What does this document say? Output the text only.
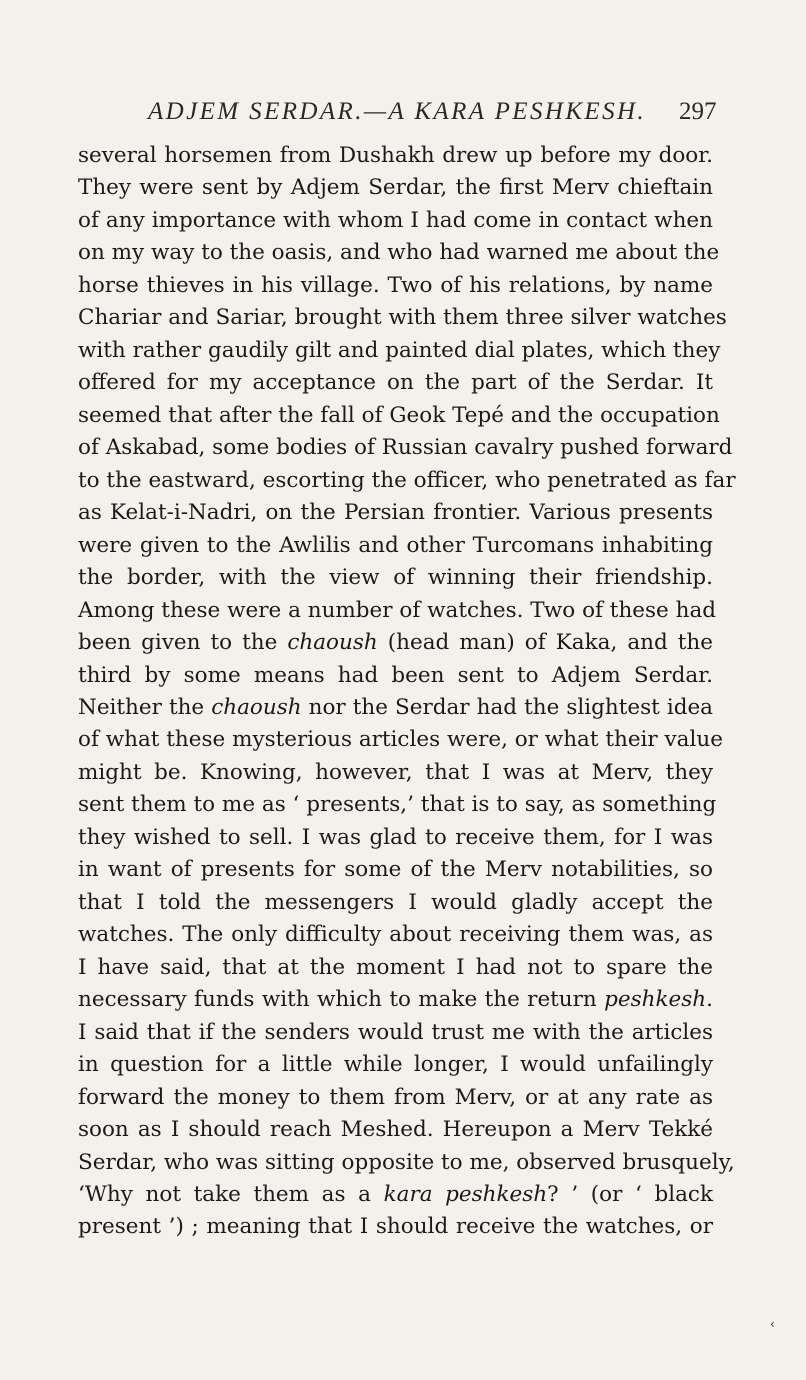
ADJEM SERDAR.—A KARA PESHKESH. 297
several horsemen from Dushakh drew up before my door.
They were sent by Adjem Serdar, the first Merv chieftain
of any importance with whom I had come in contact when
on my way to the oasis, and who had warned me about the
horse thieves in his village. Two of his relations, by name
Chariar and Sariar, brought with them three silver watches
with rather gaudily gilt and painted dial plates, which they
offered for my acceptance on the part of the Serdar. It
seemed that after the fall of Geok Tepé and the occupation
of Askabad, some bodies of Russian cavalry pushed forward
to the eastward, escorting the officer, who penetrated as far
as Kelat-i-Nadri, on the Persian frontier. Various presents
were given to the Awlilis and other Turcomans inhabiting
the border, with the view of winning their friendship.
Among these were a number of watches. Two of these had
been given to the chaoush (head man) of Kaka, and the
third by some means had been sent to Adjem Serdar.
Neither the chaoush nor the Serdar had the slightest idea
of what these mysterious articles were, or what their value
might be. Knowing, however, that I was at Merv, they
sent them to me as ‘ presents,’ that is to say, as something
they wished to sell. I was glad to receive them, for I was
in want of presents for some of the Merv notabilities, so
that I told the messengers I would gladly accept the
watches. The only difficulty about receiving them was, as
I have said, that at the moment I had not to spare the
necessary funds with which to make the return peshkesh.
I said that if the senders would trust me with the articles
in question for a little while longer, I would unfailingly
forward the money to them from Merv, or at any rate as
soon as I should reach Meshed. Hereupon a Merv Tekké
Serdar, who was sitting opposite to me, observed brusquely,
‘Why not take them as a kara peshkesh? ’ (or ‘ black
present ’) ; meaning that I should receive the watches, or
‹
